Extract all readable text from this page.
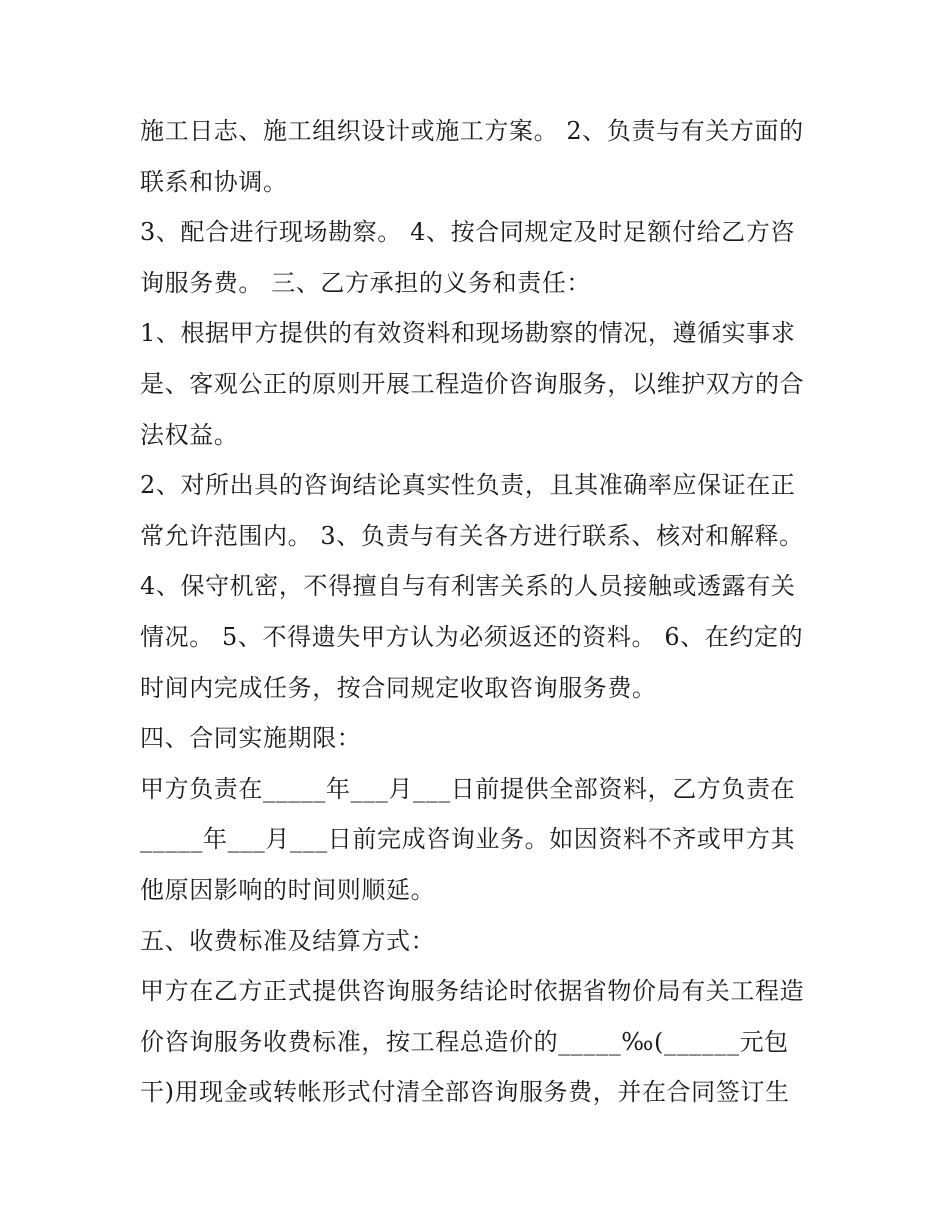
施工日志、施工组织设计或施工方案。 2、负责与有关方面的
联系和协调。
3、配合进行现场勘察。 4、按合同规定及时足额付给乙方咨
询服务费。 三、乙方承担的义务和责任：
1、根据甲方提供的有效资料和现场勘察的情况，遵循实事求
是、客观公正的原则开展工程造价咨询服务，以维护双方的合
法权益。
2、对所出具的咨询结论真实性负责，且其准确率应保证在正
常允许范围内。 3、负责与有关各方进行联系、核对和解释。
4、保守机密，不得擅自与有利害关系的人员接触或透露有关
情况。 5、不得遗失甲方认为必须返还的资料。 6、在约定的
时间内完成任务，按合同规定收取咨询服务费。
四、合同实施期限：
甲方负责在_____年___月___日前提供全部资料，乙方负责在
_____年___月___日前完成咨询业务。如因资料不齐或甲方其
他原因影响的时间则顺延。
五、收费标准及结算方式：
甲方在乙方正式提供咨询服务结论时依据省物价局有关工程造
价咨询服务收费标准，按工程总造价的_____‰(______元包
干)用现金或转帐形式付清全部咨询服务费，并在合同签订生
